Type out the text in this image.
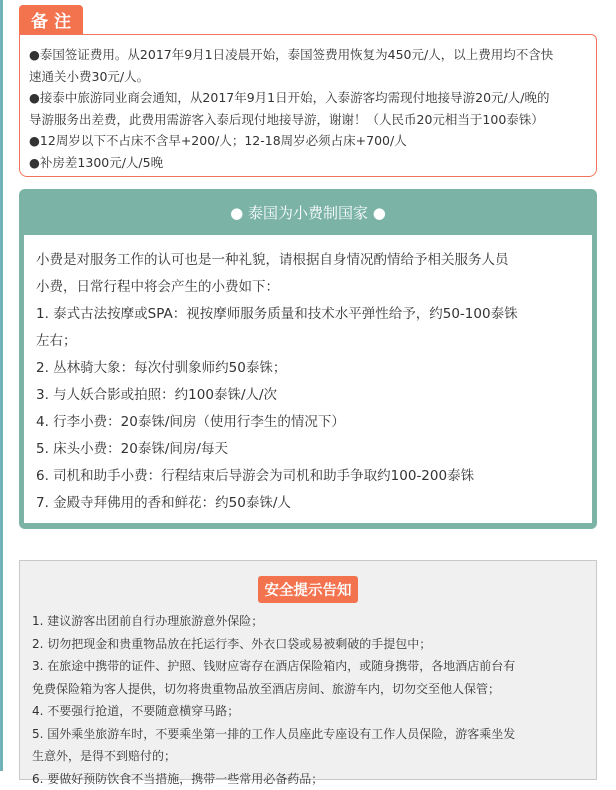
备注

●泰国签证费用。从2017年9月1日凌晨开始，泰国签费用恢复为450元/人，以上费用均不含快

速通关小费30元/人。

●接泰中旅游同业商会通知，从2017年9月1日开始，入泰游客均需现付地接导游20元/人/晚的

导游服务出差费，此费用需游客入泰后现付地接导游，谢谢！（人民币20元相当于100泰铢）

●12周岁以下不占床不含早+200/人；12-18周岁必须占床+700/人

●补房差1300元/人/5晚

● 泰国为小费制国家 ●

小费是对服务工作的认可也是一种礼貌，请根据自身情况酌情给予相关服务人员

小费，日常行程中将会产生的小费如下：

1. 泰式古法按摩或SPA：视按摩师服务质量和技术水平弹性给予，约50-100泰铢

左右；

2. 丛林骑大象：每次付驯象师约50泰铢；

3. 与人妖合影或拍照：约100泰铢/人/次

4. 行李小费：20泰铢/间房（使用行李生的情况下）

5. 床头小费：20泰铢/间房/每天

6. 司机和助手小费：行程结束后导游会为司机和助手争取约100-200泰铢

7. 金殿寺拜佛用的香和鲜花：约50泰铢/人

安全提示告知

1. 建议游客出团前自行办理旅游意外保险；

2. 切勿把现金和贵重物品放在托运行李、外衣口袋或易被剩破的手提包中；

3. 在旅途中携带的证件、护照、钱财应寄存在酒店保险箱内，或随身携带，各地酒店前台有

免费保险箱为客人提供，切勿将贵重物品放至酒店房间、旅游车内，切勿交至他人保管；

4. 不要强行抢道，不要随意横穿马路；

5. 国外乘坐旅游车时，不要乘坐第一排的工作人员座此专座设有工作人员保险，游客乘坐发

生意外，是得不到赔付的；

6. 要做好预防饮食不当措施，携带一些常用必备药品；
